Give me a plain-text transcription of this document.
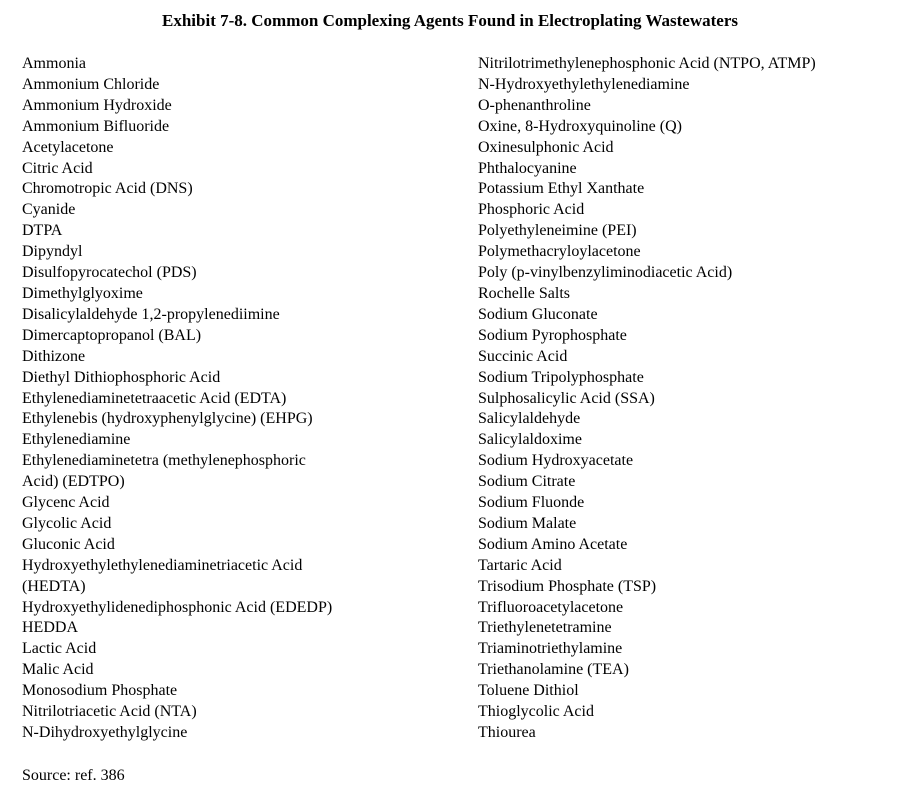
Exhibit 7-8. Common Complexing Agents Found in Electroplating Wastewaters
Ammonia
Ammonium Chloride
Ammonium Hydroxide
Ammonium Bifluoride
Acetylacetone
Citric Acid
Chromotropic Acid (DNS)
Cyanide
DTPA
Dipyndyl
Disulfopyrocatechol (PDS)
Dimethylglyoxime
Disalicylaldehyde 1,2-propylenediimine
Dimercaptopropanol (BAL)
Dithizone
Diethyl Dithiophosphoric Acid
Ethylenediaminetetraacetic Acid (EDTA)
Ethylenebis (hydroxyphenylglycine) (EHPG)
Ethylenediamine
Ethylenediaminetetra (methylenephosphoric
Acid) (EDTPO)
Glycenc Acid
Glycolic Acid
Gluconic Acid
Hydroxyethylethylenediaminetriacetic Acid
(HEDTA)
Hydroxyethylidenediphosphonic Acid (EDEDP)
HEDDA
Lactic Acid
Malic Acid
Monosodium Phosphate
Nitrilotriacetic Acid (NTA)
N-Dihydroxyethylglycine
Nitrilotrimethylenephosphonic Acid (NTPO, ATMP)
N-Hydroxyethylethylenediamine
O-phenanthroline
Oxine, 8-Hydroxyquinoline (Q)
Oxinesulphonic Acid
Phthalocyanine
Potassium Ethyl Xanthate
Phosphoric Acid
Polyethyleneimine (PEI)
Polymethacryloylacetone
Poly (p-vinylbenzyliminodiacetic Acid)
Rochelle Salts
Sodium Gluconate
Sodium Pyrophosphate
Succinic Acid
Sodium Tripolyphosphate
Sulphosalicylic Acid (SSA)
Salicylaldehyde
Salicylaldoxime
Sodium Hydroxyacetate
Sodium Citrate
Sodium Fluonde
Sodium Malate
Sodium Amino Acetate
Tartaric Acid
Trisodium Phosphate (TSP)
Trifluoroacetylacetone
Triethylenetetramine
Triaminotriethylamine
Triethanolamine (TEA)
Toluene Dithiol
Thioglycolic Acid
Thiourea
Source: ref. 386
